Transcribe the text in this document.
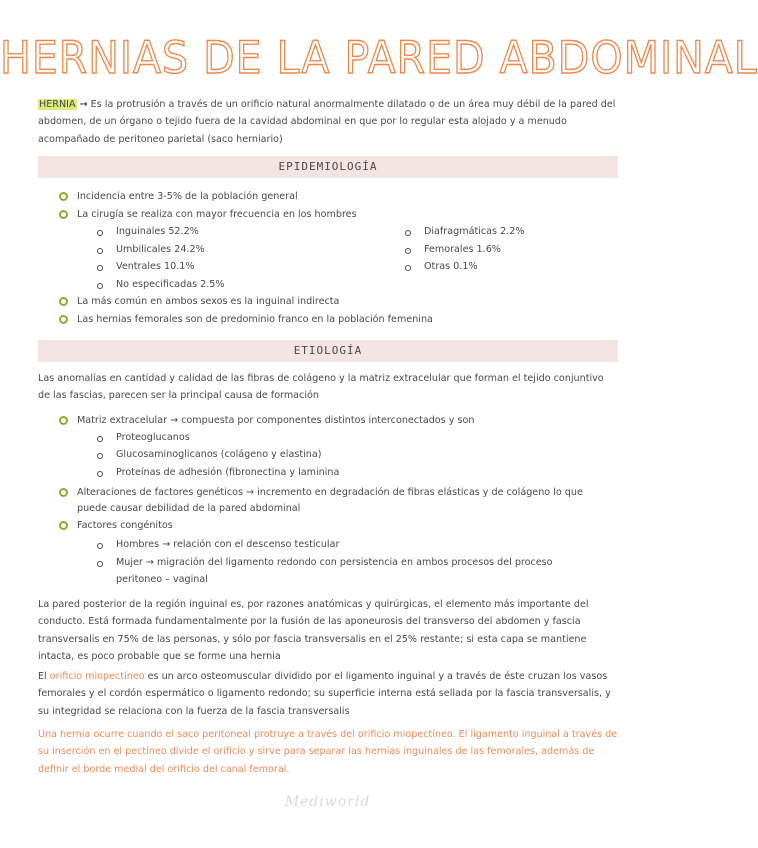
HERNIAS DE LA PARED ABDOMINAL
HERNIA → Es la protrusión a través de un orificio natural anormalmente dilatado o de un área muy débil de la pared del abdomen, de un órgano o tejido fuera de la cavidad abdominal en que por lo regular esta alojado y a menudo acompañado de peritoneo parietal (saco herniario)
EPIDEMIOLOGÍA
Incidencia entre 3-5% de la población general
La cirugía se realiza con mayor frecuencia en los hombres
Inguinales 52.2%
Umbilicales 24.2%
Ventrales 10.1%
No especificadas 2.5%
Diafragmáticas 2.2%
Femorales 1.6%
Otras 0.1%
La más común en ambos sexos es la inguinal indirecta
Las hernias femorales son de predominio franco en la población femenina
ETIOLOGÍA
Las anomalías en cantidad y calidad de las fibras de colágeno y la matriz extracelular que forman el tejido conjuntivo de las fascias, parecen ser la principal causa de formación
Matriz extracelular → compuesta por componentes distintos interconectados y son
Proteoglucanos
Glucosaminoglicanos (colágeno y elastina)
Proteínas de adhesión (fibronectina y laminina
Alteraciones de factores genéticos → incremento en degradación de fibras elásticas y de colágeno lo que
puede causar debilidad de la pared abdominal
Factores congénitos
Hombres → relación con el descenso testicular
Mujer → migración del ligamento redondo con persistencia en ambos procesos del proceso
peritoneo – vaginal
La pared posterior de la región inguinal es, por razones anatómicas y quirúrgicas, el elemento más importante del conducto. Está formada fundamentalmente por la fusión de las aponeurosis del transverso del abdomen y fascia transversalis en 75% de las personas, y sólo por fascia transversalis en el 25% restante; si esta capa se mantiene intacta, es poco probable que se forme una hernia
El orificio miopectíneo es un arco osteomuscular dividido por el ligamento inguinal y a través de éste cruzan los vasos femorales y el cordón espermático o ligamento redondo; su superficie interna está sellada por la fascia transversalis, y su integridad se relaciona con la fuerza de la fascia transversalis
Una hernia ocurre cuando el saco peritoneal protruye a través del orificio miopectíneo. El ligamento inguinal a través de su inserción en el pectíneo divide el orificio y sirve para separar las hernias inguinales de las femorales, además de definir el borde medial del orificio del canal femoral.
Mediworld
